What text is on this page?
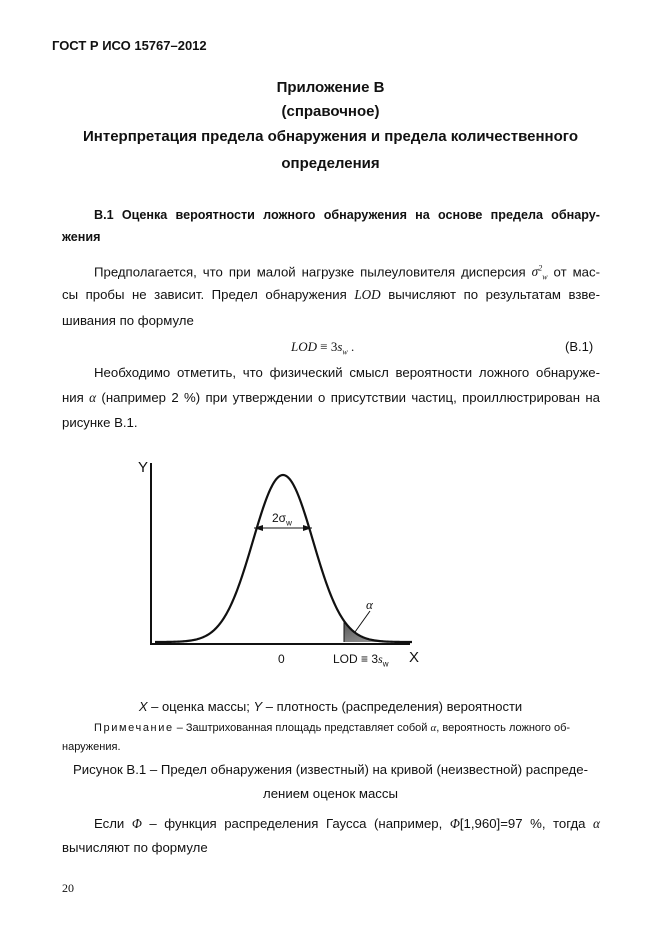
ГОСТ Р ИСО 15767–2012
Приложение В
(справочное)
Интерпретация предела обнаружения и предела количественного
определения
В.1 Оценка вероятности ложного обнаружения на основе предела обнару-
жения
Предполагается, что при малой нагрузке пылеуловителя дисперсия $\sigma^2_w$ от мас-
сы пробы не зависит. Предел обнаружения LOD вычисляют по результатам взве-
шивания по формуле
LOD ≡ $3s_w$ .	(В.1)
Необходимо отметить, что физический смысл вероятности ложного обнаруже-
ния α (например 2 %) при утверждении о присутствии частиц, проиллюстрирован на
рисунке В.1.
Y
X
$2\sigma_w$
α
0	LOD ≡ $3s_w$
X – оценка массы; Y – плотность (распределения) вероятности
Примечание – Заштрихованная площадь представляет собой α, вероятность ложного об-
наружения.
Рисунок В.1 – Предел обнаружения (известный) на кривой (неизвестной) распреде-
лением оценок массы
Если Φ – функция распределения Гаусса (например, Φ[1,960]=97 %, тогда α
вычисляют по формуле
20
